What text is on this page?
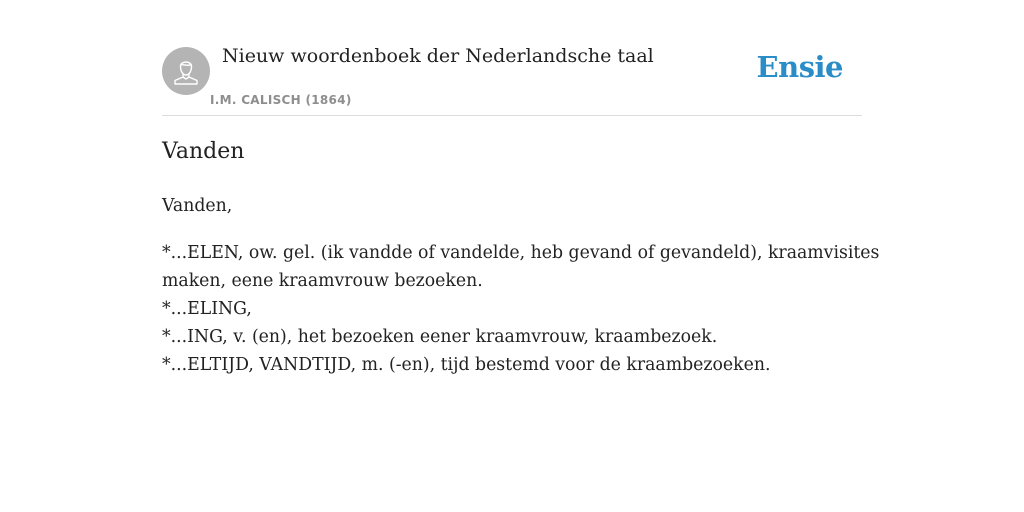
Nieuw woordenboek der Nederlandsche taal
I.M. CALISCH (1864)
Ensie
Vanden

Vanden,

*...ELEN, ow. gel. (ik vandde of vandelde, heb gevand of gevandeld), kraamvisites
maken, eene kraamvrouw bezoeken.
*...ELING,
*...ING, v. (en), het bezoeken eener kraamvrouw, kraambezoek.
*...ELTIJD, VANDTIJD, m. (-en), tijd bestemd voor de kraambezoeken.
